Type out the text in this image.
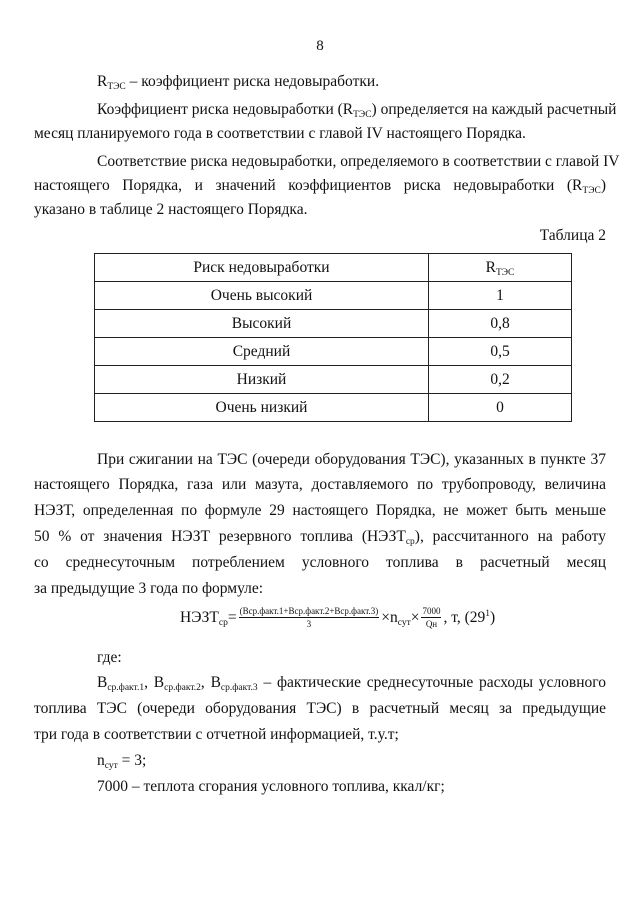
8
$R_{ТЭС}$ – коэффициент риска недовыработки.
Коэффициент риска недовыработки $(R_{ТЭС})$ определяется на каждый расчетный
месяц планируемого года в соответствии с главой IV настоящего Порядка.
Соответствие риска недовыработки, определяемого в соответствии с главой IV
настоящего Порядка, и значений коэффициентов риска недовыработки $(R_{ТЭС})$
указано в таблице 2 настоящего Порядка.
Таблица 2
Риск недовыработки	$R_{ТЭС}$
Очень высокий	1
Высокий	0,8
Средний	0,5
Низкий	0,2
Очень низкий	0
При сжигании на ТЭС (очереди оборудования ТЭС), указанных в пункте 37
настоящего Порядка, газа или мазута, доставляемого по трубопроводу, величина
НЭЗТ, определенная по формуле 29 настоящего Порядка, не может быть меньше
50 % от значения НЭЗТ резервного топлива $(НЭЗТ_{ср})$, рассчитанного на работу
со среднесуточным потреблением условного топлива в расчетный месяц
за предыдущие 3 года по формуле:
$НЭЗТ_{ср}= \frac{\text{(Bср.факт.1+Bср.факт.2+Bср.факт.3)}}{3} \times n_{сут}\times \frac{7000}{Qн}$ , т, $(29^1)$
где:
$B_{ср.факт.1}$, $B_{ср.факт.2}$, $B_{ср.факт.3}$ – фактические среднесуточные расходы условного
топлива ТЭС (очереди оборудования ТЭС) в расчетный месяц за предыдущие
три года в соответствии с отчетной информацией, т.у.т;
$n_{сут} = 3$;
7000 – теплота сгорания условного топлива, ккал/кг;
